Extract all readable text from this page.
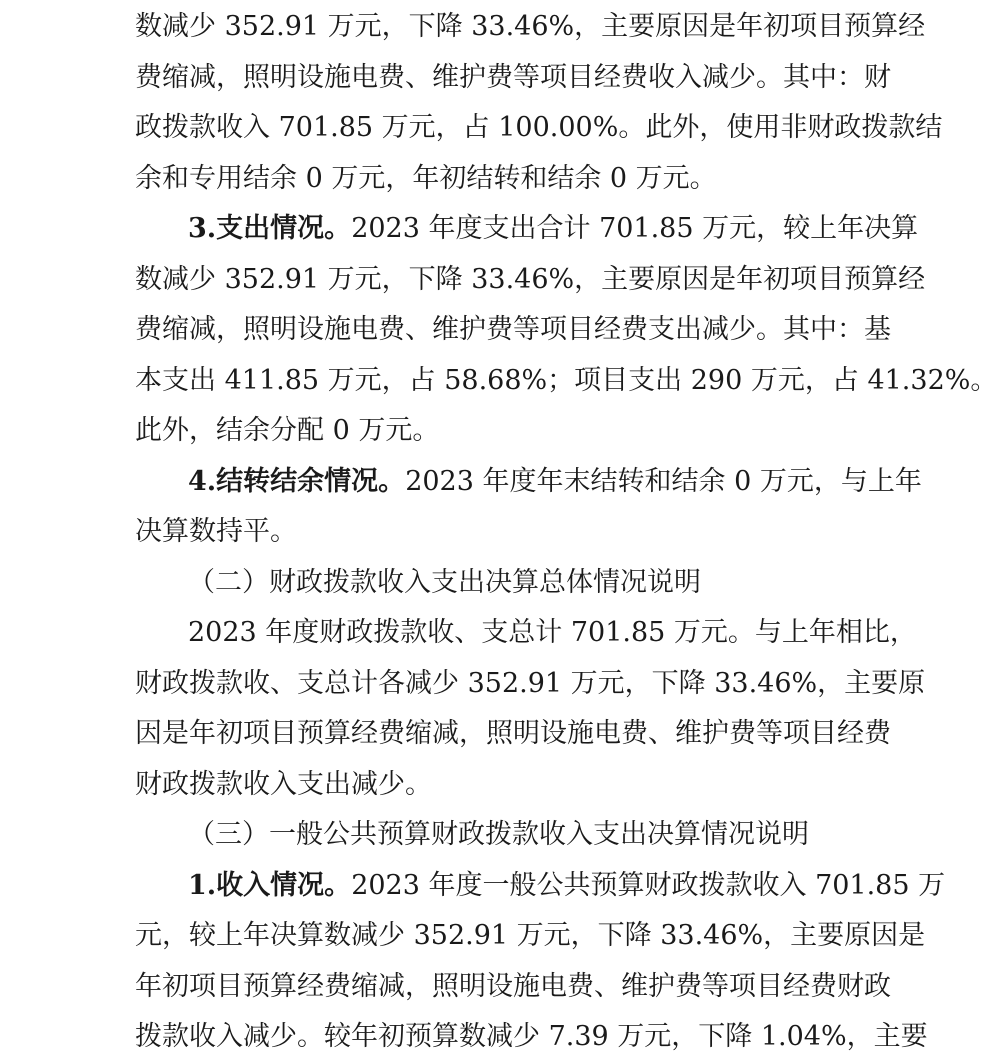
数减少 352.91 万元，下降 33.46%，主要原因是年初项目预算经
费缩减，照明设施电费、维护费等项目经费收入减少。其中：财
政拨款收入 701.85 万元，占 100.00%。此外，使用非财政拨款结
余和专用结余 0 万元，年初结转和结余 0 万元。
3.支出情况。2023 年度支出合计 701.85 万元，较上年决算
数减少 352.91 万元，下降 33.46%，主要原因是年初项目预算经
费缩减，照明设施电费、维护费等项目经费支出减少。其中：基
本支出 411.85 万元，占 58.68%；项目支出 290 万元，占 41.32%。
此外，结余分配 0 万元。
4.结转结余情况。2023 年度年末结转和结余 0 万元，与上年
决算数持平。
（二）财政拨款收入支出决算总体情况说明
2023 年度财政拨款收、支总计 701.85 万元。与上年相比，
财政拨款收、支总计各减少 352.91 万元，下降 33.46%，主要原
因是年初项目预算经费缩减，照明设施电费、维护费等项目经费
财政拨款收入支出减少。
（三）一般公共预算财政拨款收入支出决算情况说明
1.收入情况。2023 年度一般公共预算财政拨款收入 701.85 万
元，较上年决算数减少 352.91 万元，下降 33.46%，主要原因是
年初项目预算经费缩减，照明设施电费、维护费等项目经费财政
拨款收入减少。较年初预算数减少 7.39 万元，下降 1.04%，主要
